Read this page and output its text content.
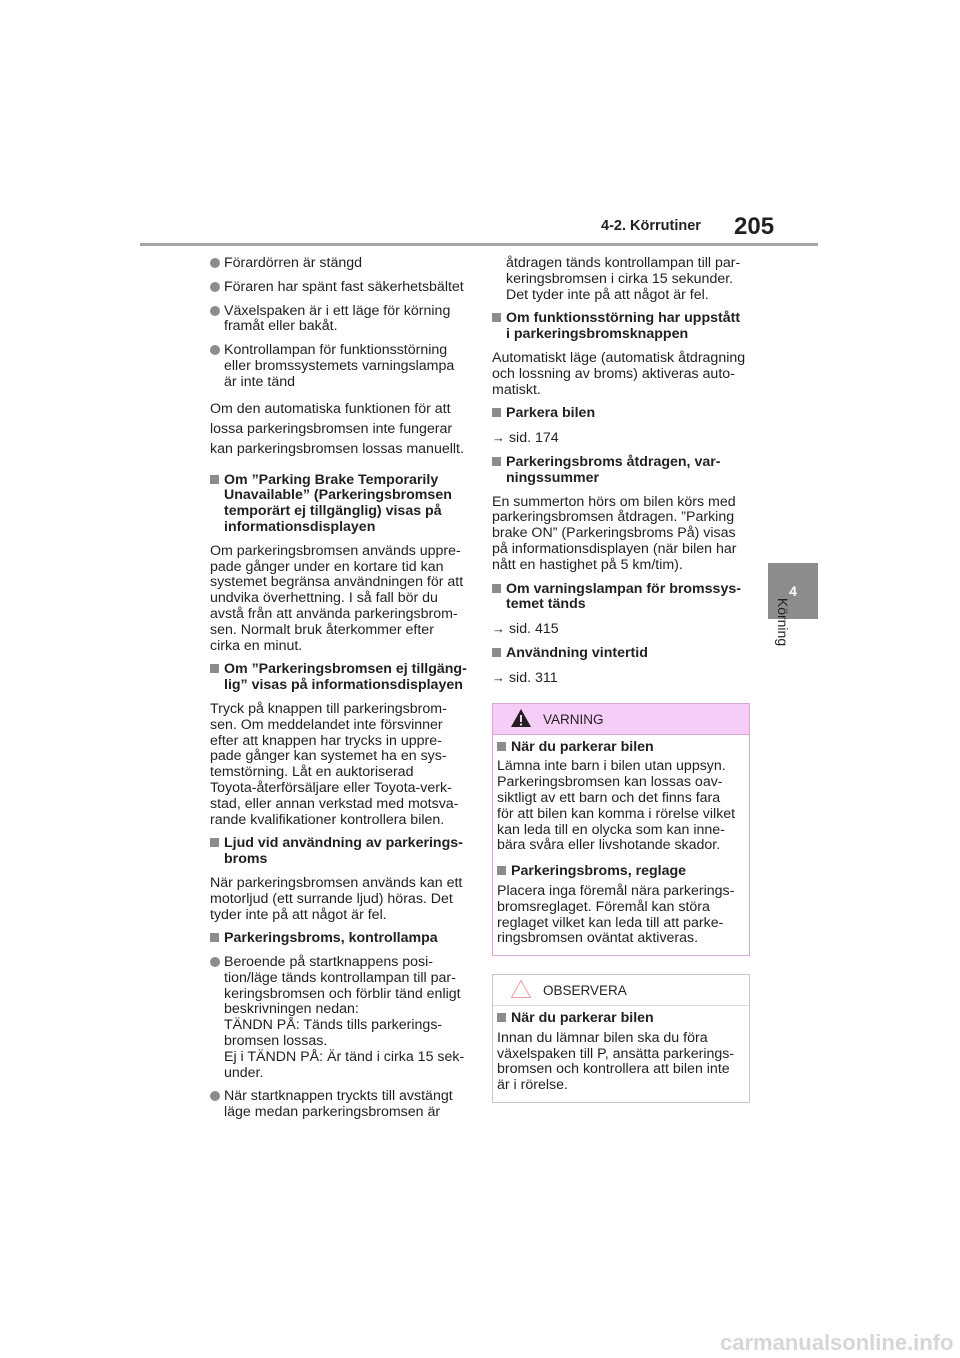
4-2. Körrutiner 205
4
Körning
Förardörren är stängd
Föraren har spänt fast säkerhetsbältet
Växelspaken är i ett läge för körning
framåt eller bakåt.
Kontrollampan för funktionsstörning
eller bromssystemets varningslampa
är inte tänd
Om den automatiska funktionen för att
lossa parkeringsbromsen inte fungerar
kan parkeringsbromsen lossas manuellt.
Om ”Parking Brake Temporarily
Unavailable” (Parkeringsbromsen
temporärt ej tillgänglig) visas på
informationsdisplayen
Om parkeringsbromsen används uppre-
pade gånger under en kortare tid kan
systemet begränsa användningen för att
undvika överhettning. I så fall bör du
avstå från att använda parkeringsbrom-
sen. Normalt bruk återkommer efter
cirka en minut.
Om ”Parkeringsbromsen ej tillgäng-
lig” visas på informationsdisplayen
Tryck på knappen till parkeringsbrom-
sen. Om meddelandet inte försvinner
efter att knappen har trycks in uppre-
pade gånger kan systemet ha en sys-
temstörning. Låt en auktoriserad
Toyota-återförsäljare eller Toyota-verk-
stad, eller annan verkstad med motsva-
rande kvalifikationer kontrollera bilen.
Ljud vid användning av parkerings-
broms
När parkeringsbromsen används kan ett
motorljud (ett surrande ljud) höras. Det
tyder inte på att något är fel.
Parkeringsbroms, kontrollampa
Beroende på startknappens posi-
tion/läge tänds kontrollampan till par-
keringsbromsen och förblir tänd enligt
beskrivningen nedan:
TÄNDN PÅ: Tänds tills parkerings-
bromsen lossas.
Ej i TÄNDN PÅ: Är tänd i cirka 15 sek-
under.
När startknappen tryckts till avstängt
läge medan parkeringsbromsen är
åtdragen tänds kontrollampan till par-
keringsbromsen i cirka 15 sekunder.
Det tyder inte på att något är fel.
Om funktionsstörning har uppstått
i parkeringsbromsknappen
Automatiskt läge (automatisk åtdragning
och lossning av broms) aktiveras auto-
matiskt.
Parkera bilen
→ sid. 174
Parkeringsbroms åtdragen, var-
ningssummer
En summerton hörs om bilen körs med
parkeringsbromsen åtdragen. ”Parking
brake ON” (Parkeringsbroms På) visas
på informationsdisplayen (när bilen har
nått en hastighet på 5 km/tim).
Om varningslampan för bromssys-
temet tänds
→ sid. 415
Användning vintertid
→ sid. 311
VARNING
När du parkerar bilen
Lämna inte barn i bilen utan uppsyn.
Parkeringsbromsen kan lossas oav-
siktligt av ett barn och det finns fara
för att bilen kan komma i rörelse vilket
kan leda till en olycka som kan inne-
bära svåra eller livshotande skador.
Parkeringsbroms, reglage
Placera inga föremål nära parkerings-
bromsreglaget. Föremål kan störa
reglaget vilket kan leda till att parke-
ringsbromsen oväntat aktiveras.
OBSERVERA
När du parkerar bilen
Innan du lämnar bilen ska du föra
växelspaken till P, ansätta parkerings-
bromsen och kontrollera att bilen inte
är i rörelse.
carmanualsonline.info
